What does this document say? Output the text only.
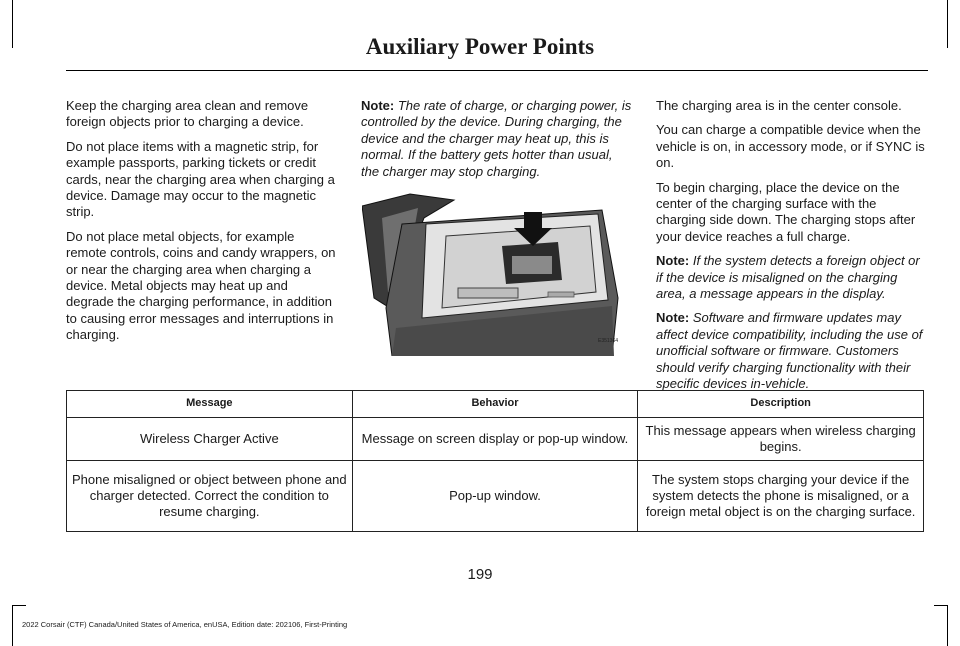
Auxiliary Power Points

Keep the charging area clean and remove foreign objects prior to charging a device.

Do not place items with a magnetic strip, for example passports, parking tickets or credit cards, near the charging area when charging a device. Damage may occur to the magnetic strip.

Do not place metal objects, for example remote controls, coins and candy wrappers, on or near the charging area when charging a device. Metal objects may heat up and degrade the charging performance, in addition to causing error messages and interruptions in charging.

Note: The rate of charge, or charging power, is controlled by the device. During charging, the device and the charger may heat up, this is normal. If the battery gets hotter than usual, the charger may stop charging.

E351364

The charging area is in the center console.

You can charge a compatible device when the vehicle is on, in accessory mode, or if SYNC is on.

To begin charging, place the device on the center of the charging surface with the charging side down. The charging stops after your device reaches a full charge.

Note: If the system detects a foreign object or if the device is misaligned on the charging area, a message appears in the display.

Note: Software and firmware updates may affect device compatibility, including the use of unofficial software or firmware. Customers should verify charging functionality with their specific devices in-vehicle.

Message	Behavior	Description
Wireless Charger Active	Message on screen display or pop-up window.	This message appears when wireless charging begins.
Phone misaligned or object between phone and charger detected. Correct the condition to resume charging.	Pop-up window.	The system stops charging your device if the system detects the phone is misaligned, or a foreign metal object is on the charging surface.
199
2022 Corsair (CTF) Canada/United States of America, enUSA, Edition date: 202106, First-Printing
